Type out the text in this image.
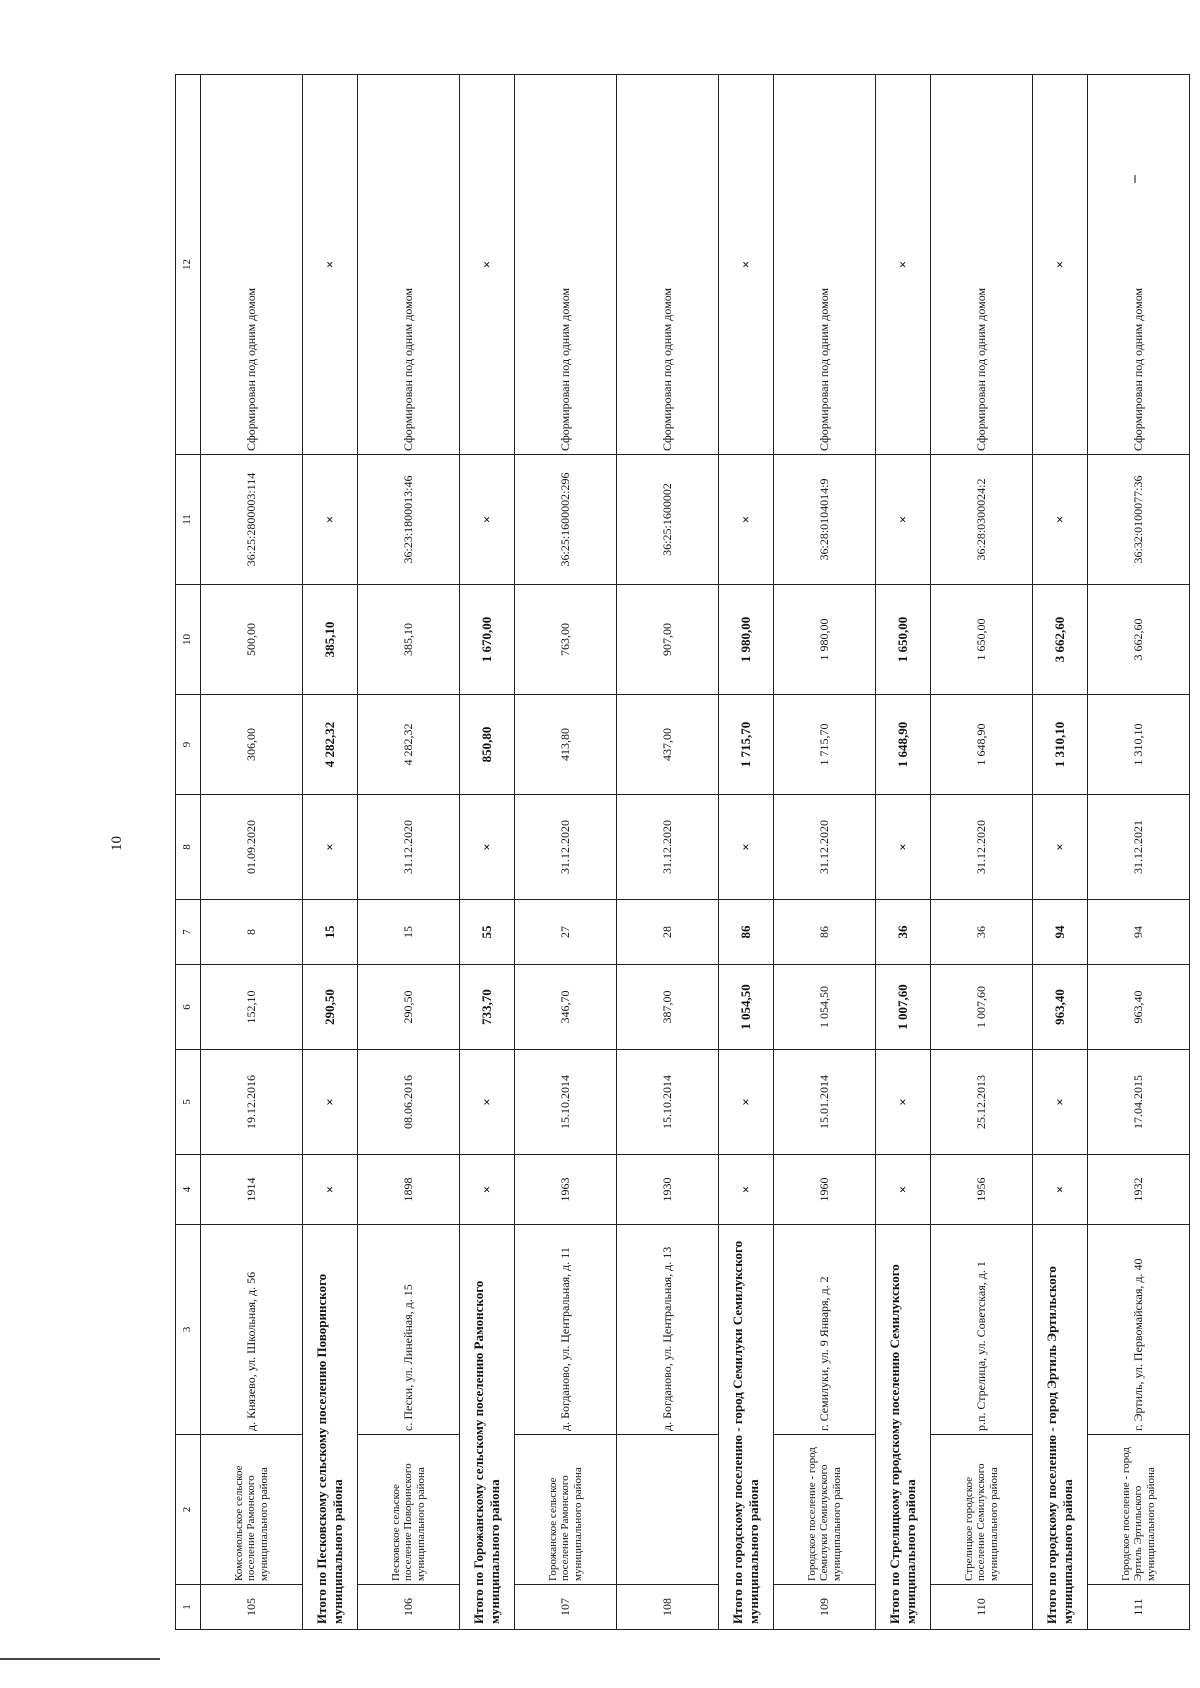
10
1	2	3	4	5	6	7	8	9	10	11	12
105	Комсомольское сельское поселение Рамонского муниципального района	д. Князево, ул. Школьная, д. 56	1914	19.12.2016	152,10	8	01.09.2020	306,00	500,00	36:25:2800003:114	Сформирован под одним домом
Итого по Песковскому сельскому поселению Поворинского муниципального района			×	×	290,50	15	×	4 282,32	385,10	×	×
106	Песковское сельское поселение Поворинского муниципального района	с. Пески, ул. Линейная, д. 15	1898	08.06.2016	290,50	15	31.12.2020	4 282,32	385,10	36:23:1800013:46	Сформирован под одним домом
Итого по Горожанскому сельскому поселению Рамонского муниципального района			×	×	733,70	55	×	850,80	1 670,00	×	×
107	Горожанское сельское поселение Рамонского муниципального района	д. Богданово, ул. Центральная, д. 11	1963	15.10.2014	346,70	27	31.12.2020	413,80	763,00	36:25:1600002:296	Сформирован под одним домом
108		д. Богданово, ул. Центральная, д. 13	1930	15.10.2014	387,00	28	31.12.2020	437,00	907,00	36:25:1600002	Сформирован под одним домом
Итого по городскому поселению - город Семилуки Семилукского муниципального района			×	×	1 054,50	86	×	1 715,70	1 980,00	×	×
109	Городское поселение - город Семилуки Семилукского муниципального района	г. Семилуки, ул. 9 Января, д. 2	1960	15.01.2014	1 054,50	86	31.12.2020	1 715,70	1 980,00	36:28:0104014:9	Сформирован под одним домом
Итого по Стрелицкому городскому поселению Семилукского муниципального района			×	×	1 007,60	36	×	1 648,90	1 650,00	×	×
110	Стрелицкое городское поселение Семилукского муниципального района	р.п. Стрелица, ул. Советская, д. 1	1956	25.12.2013	1 007,60	36	31.12.2020	1 648,90	1 650,00	36:28:0300024:2	Сформирован под одним домом
Итого по городскому поселению - город Эртиль Эртильского муниципального района			×	×	963,40	94	×	1 310,10	3 662,60	×	×
111	Городское поселение - город Эртиль Эртильского муниципального района	г. Эртиль, ул. Первомайская, д. 40	1932	17.04.2015	963,40	94	31.12.2021	1 310,10	3 662,60	36:32:0100077:36	Сформирован под одним домом
